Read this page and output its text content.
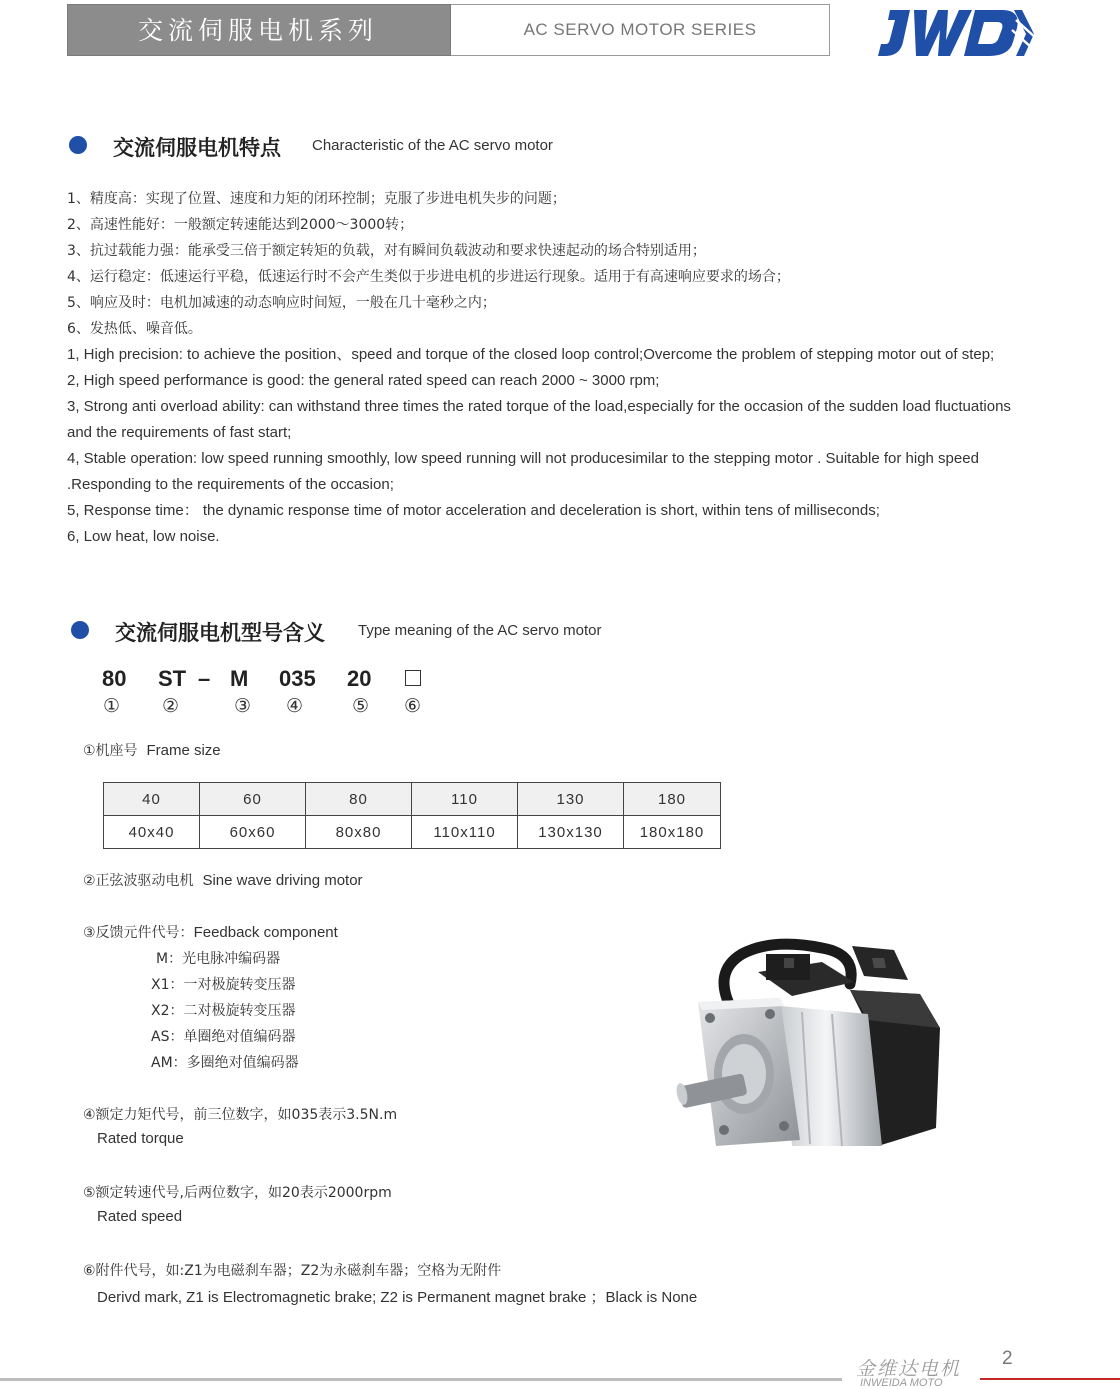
交流伺服电机系列	AC SERVO MOTOR SERIES
交流伺服电机特点 Characteristic of the AC servo motor
1、精度高：实现了位置、速度和力矩的闭环控制；克服了步进电机失步的问题；
2、高速性能好：一般额定转速能达到2000～3000转；
3、抗过载能力强：能承受三倍于额定转矩的负载，对有瞬间负载波动和要求快速起动的场合特别适用；
4、运行稳定：低速运行平稳，低速运行时不会产生类似于步进电机的步进运行现象。适用于有高速响应要求的场合；
5、响应及时：电机加减速的动态响应时间短，一般在几十毫秒之内；
6、发热低、噪音低。
1, High precision: to achieve the position、speed and torque of the closed loop control;Overcome the problem of stepping motor out of step;
2, High speed performance is good: the general rated speed can reach 2000 ~ 3000 rpm;
3, Strong anti overload ability: can withstand three times the rated torque of the load,especially for the occasion of the sudden load fluctuations and the requirements of fast start;
4, Stable operation: low speed running smoothly, low speed running will not producesimilar to the stepping motor . Suitable for high speed .Responding to the requirements of the occasion;
5, Response time： the dynamic response time of motor acceleration and deceleration is short, within tens of milliseconds;
6, Low heat, low noise.
交流伺服电机型号含义 Type meaning of the AC servo motor
80 ST – M 035 20
① ②	③ ④	⑤ ⑥
①机座号 Frame size
40	60	80	110	130	180
40x40	60x60	80x80	110x110	130x130	180x180
②正弦波驱动电机 Sine wave driving motor
③反馈元件代号：Feedback component
M：光电脉冲编码器
X1：一对极旋转变压器
X2：二对极旋转变压器
AS：单圈绝对值编码器
AM：多圈绝对值编码器
④额定力矩代号，前三位数字，如035表示3.5N.m
Rated torque
⑤额定转速代号,后两位数字，如20表示2000rpm
Rated speed
⑥附件代号，如:Z1为电磁刹车器；Z2为永磁刹车器；空格为无附件
Derivd mark, Z1 is Electromagnetic brake; Z2 is Permanent magnet brake ；Black is None
金维达电机
INWEIDA MOTO
2
